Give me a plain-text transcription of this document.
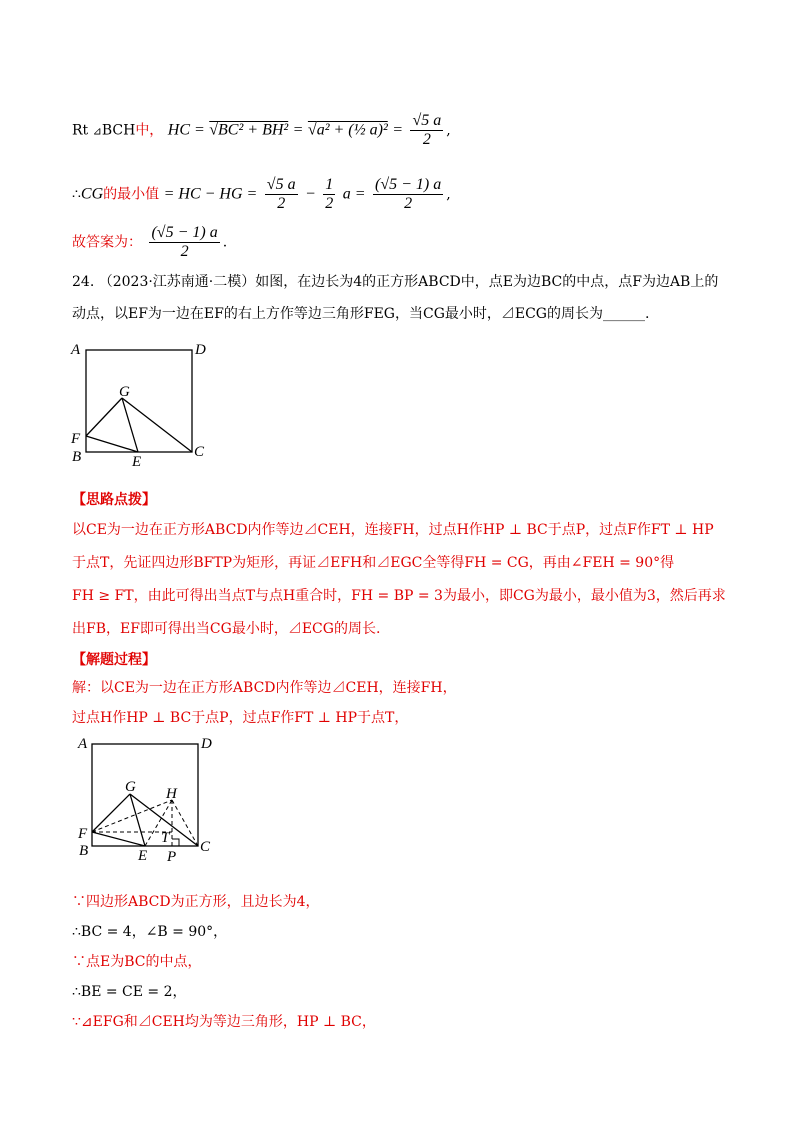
Rt ⊿BCH中， HC = √BC² + BH² = √a² + (½ $a)^2 = \frac{√5 a}{2}$ ,
∴CG的最小值 = HC − HG = $\frac{√5 a}{2} - \frac{1}{2}$ $a = \frac{(√5 - 1) a}{2}$ ,
故答案为： $\frac{(√5 - 1) a}{2}$ .
24. （2023·江苏南通·二模）如图，在边长为4的正方形ABCD中，点E为边BC的中点，点F为边AB上的
动点，以EF为一边在EF的右上方作等边三角形FEG，当CG最小时，⊿ECG的周长为______.
A	D
G
F
B	E
C
【思路点拨】
以CE为一边在正方形ABCD内作等边⊿CEH，连接FH，过点H作HP ⊥ BC于点P，过点F作FT ⊥ HP
于点T，先证四边形BFTP为矩形，再证⊿EFH和⊿EGC全等得FH = CG，再由∠FEH = 90°得
FH ≥ FT，由此可得出当点T与点H重合时，FH = BP = 3为最小，即CG为最小，最小值为3，然后再求
出FB，EF即可得出当CG最小时，⊿ECG的周长.
【解题过程】
解：以CE为一边在正方形ABCD内作等边⊿CEH，连接FH，
过点H作HP ⊥ BC于点P，过点F作FT ⊥ HP于点T，
A	D
G H
F	T
B	E P
C
∵四边形ABCD为正方形，且边长为4，
∴BC = 4，∠B = 90°，
∵点E为BC的中点，
∴BE = CE = 2，
∵⊿EFG和⊿CEH均为等边三角形，HP ⊥ BC，
